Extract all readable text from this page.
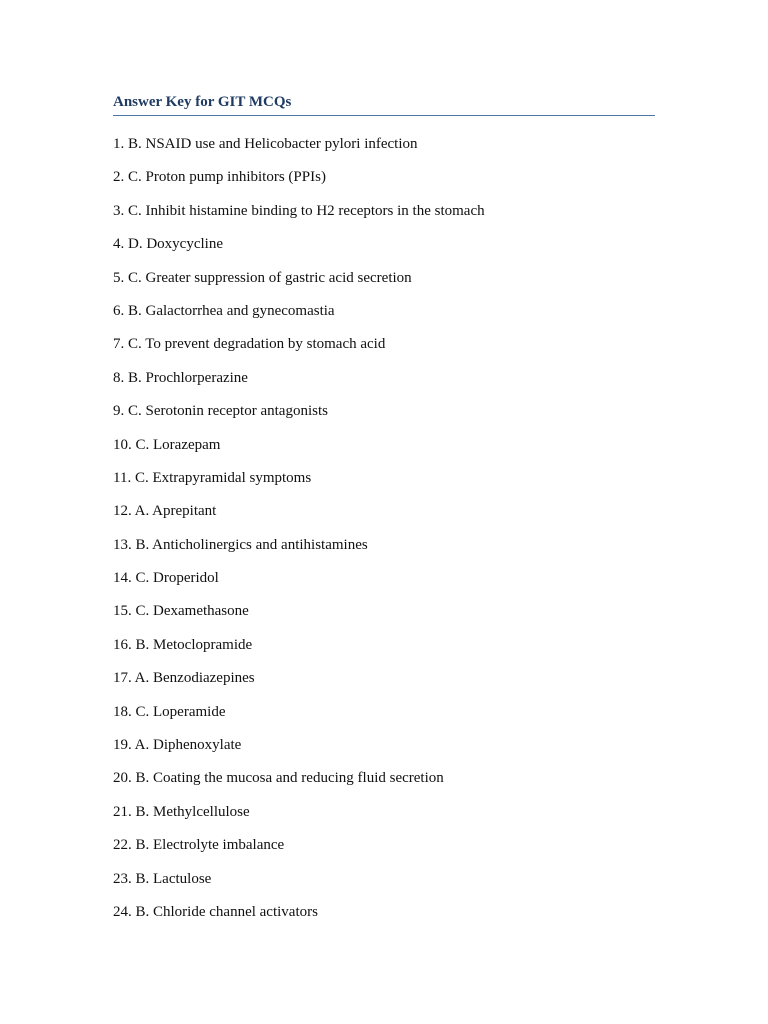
Answer Key for GIT MCQs
1. B. NSAID use and Helicobacter pylori infection
2. C. Proton pump inhibitors (PPIs)
3. C. Inhibit histamine binding to H2 receptors in the stomach
4. D. Doxycycline
5. C. Greater suppression of gastric acid secretion
6. B. Galactorrhea and gynecomastia
7. C. To prevent degradation by stomach acid
8. B. Prochlorperazine
9. C. Serotonin receptor antagonists
10. C. Lorazepam
11. C. Extrapyramidal symptoms
12. A. Aprepitant
13. B. Anticholinergics and antihistamines
14. C. Droperidol
15. C. Dexamethasone
16. B. Metoclopramide
17. A. Benzodiazepines
18. C. Loperamide
19. A. Diphenoxylate
20. B. Coating the mucosa and reducing fluid secretion
21. B. Methylcellulose
22. B. Electrolyte imbalance
23. B. Lactulose
24. B. Chloride channel activators
